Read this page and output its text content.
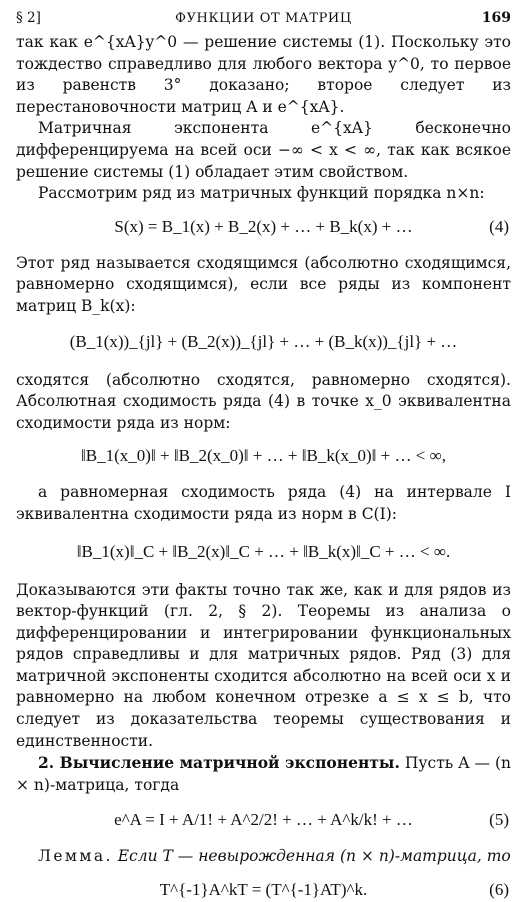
§ 2]	ФУНКЦИИ ОТ МАТРИЦ	169

так как e^{xA}y^0 — решение системы (1). Поскольку это тождество справедливо для любого вектора y^0, то первое из равенств 3° доказано; второе следует из перестановочности матриц A и e^{xA}.

Матричная экспонента e^{xA} бесконечно дифференцируема на всей оси −∞ < x < ∞, так как всякое решение системы (1) обладает этим свойством.

Рассмотрим ряд из матричных функций порядка n×n:

S(x) = B_1(x) + B_2(x) + … + B_k(x) + …	(4)

Этот ряд называется сходящимся (абсолютно сходящимся, равномерно сходящимся), если все ряды из компонент матриц B_k(x):

(B_1(x))_{jl} + (B_2(x))_{jl} + … + (B_k(x))_{jl} + …

сходятся (абсолютно сходятся, равномерно сходятся). Абсолютная сходимость ряда (4) в точке x_0 эквивалентна сходимости ряда из норм:

‖B_1(x_0)‖ + ‖B_2(x_0)‖ + … + ‖B_k(x_0)‖ + … < ∞,

а равномерная сходимость ряда (4) на интервале I эквивалентна сходимости ряда из норм в C(I):

‖B_1(x)‖_C + ‖B_2(x)‖_C + … + ‖B_k(x)‖_C + … < ∞.

Доказываются эти факты точно так же, как и для рядов из вектор-функций (гл. 2, § 2). Теоремы из анализа о дифференцировании и интегрировании функциональных рядов справедливы и для матричных рядов. Ряд (3) для матричной экспоненты сходится абсолютно на всей оси x и равномерно на любом конечном отрезке a ≤ x ≤ b, что следует из доказательства теоремы существования и единственности.

2. Вычисление матричной экспоненты. Пусть A — (n × n)-матрица, тогда

e^A = I + A/1! + A^2/2! + … + A^k/k! + …	(5)

Лемма. Если T — невырожденная (n × n)-матрица, то

T^{-1}A^kT = (T^{-1}AT)^k.	(6)
